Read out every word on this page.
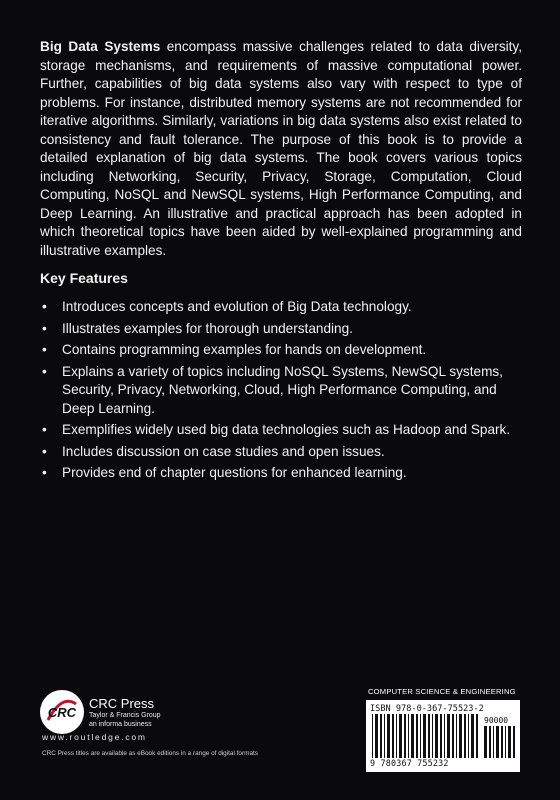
Big Data Systems encompass massive challenges related to data diversity, storage mechanisms, and requirements of massive computational power. Further, capabilities of big data systems also vary with respect to type of problems. For instance, distributed memory systems are not recommended for iterative algorithms. Similarly, variations in big data systems also exist related to consistency and fault tolerance. The purpose of this book is to provide a detailed explanation of big data systems. The book covers various topics including Networking, Security, Privacy, Storage, Computation, Cloud Computing, NoSQL and NewSQL systems, High Performance Computing, and Deep Learning. An illustrative and practical approach has been adopted in which theoretical topics have been aided by well-explained programming and illustrative examples.

Key Features
• Introduces concepts and evolution of Big Data technology.
• Illustrates examples for thorough understanding.
• Contains programming examples for hands on development.
• Explains a variety of topics including NoSQL Systems, NewSQL systems, Security, Privacy, Networking, Cloud, High Performance Computing, and Deep Learning.
• Exemplifies widely used big data technologies such as Hadoop and Spark.
• Includes discussion on case studies and open issues.
• Provides end of chapter questions for enhanced learning.
CRC
CRC Press
Taylor & Francis Group
an informa business
www.routledge.com
CRC Press titles are available as eBook editions in a range of digital formats
COMPUTER SCIENCE & ENGINEERING
ISBN 978-0-367-75523-2
90000
9 780367 755232
